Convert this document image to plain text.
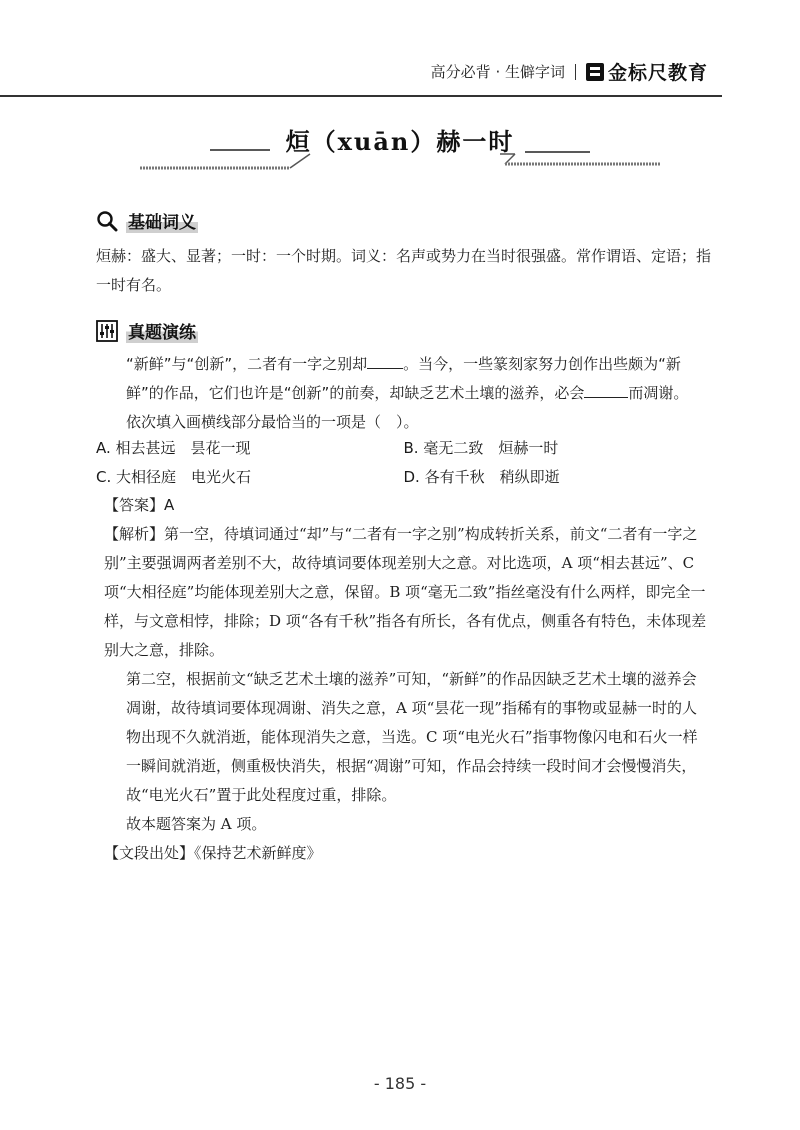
高分必背 · 生僻字词 金标尺教育
烜（xuān）赫一时
基础词义
烜赫：盛大、显著；一时：一个时期。词义：名声或势力在当时很强盛。常作谓语、定语；指一时有名。
真题演练
“新鲜”与“创新”，二者有一字之别却 。当今，一些篆刻家努力创作出些颇为“新鲜”的作品，它们也许是“创新”的前奏，却缺乏艺术土壤的滋养，必会	而凋谢。
依次填入画横线部分最恰当的一项是（　）。
A. 相去甚远　昙花一现	B. 毫无二致　烜赫一时
C. 大相径庭　电光火石	D. 各有千秋　稍纵即逝
【答案】A
【解析】第一空，待填词通过“却”与“二者有一字之别”构成转折关系，前文“二者有一字之别”主要强调两者差别不大，故待填词要体现差别大之意。对比选项，A 项“相去甚远”、C 项“大相径庭”均能体现差别大之意，保留。B 项“毫无二致”指丝毫没有什么两样，即完全一样，与文意相悖，排除；D 项“各有千秋”指各有所长，各有优点，侧重各有特色，未体现差别大之意，排除。
第二空，根据前文“缺乏艺术土壤的滋养”可知，“新鲜”的作品因缺乏艺术土壤的滋养会凋谢，故待填词要体现凋谢、消失之意，A 项“昙花一现”指稀有的事物或显赫一时的人物出现不久就消逝，能体现消失之意，当选。C 项“电光火石”指事物像闪电和石火一样一瞬间就消逝，侧重极快消失，根据“凋谢”可知，作品会持续一段时间才会慢慢消失，故“电光火石”置于此处程度过重，排除。
故本题答案为 A 项。
【文段出处】《保持艺术新鲜度》
- 185 -
